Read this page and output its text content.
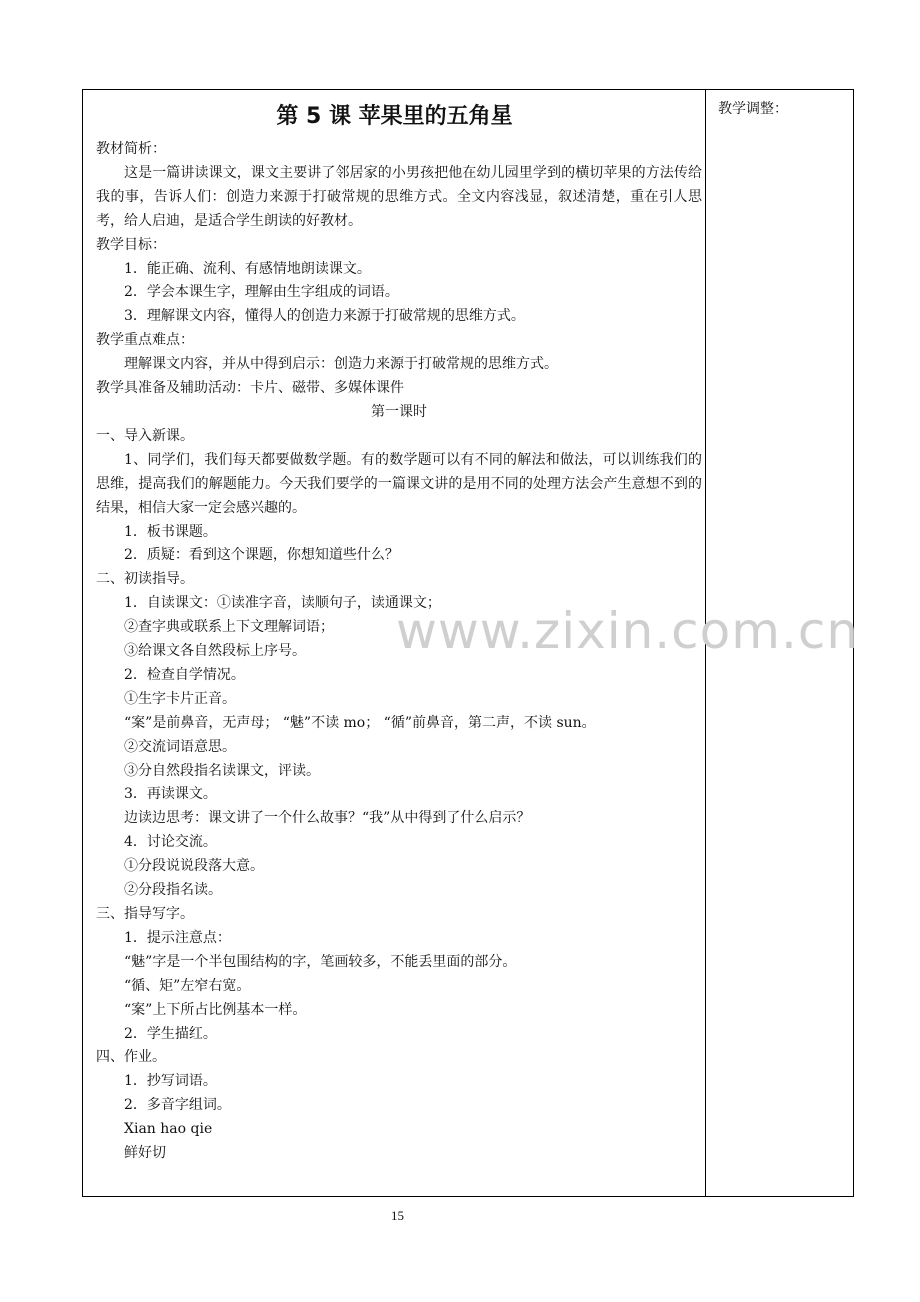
第 5 课 苹果里的五角星

教材简析：

这是一篇讲读课文，课文主要讲了邻居家的小男孩把他在幼儿园里学到的横切苹果的方法传给我的事，告诉人们：创造力来源于打破常规的思维方式。全文内容浅显，叙述清楚，重在引人思考，给人启迪，是适合学生朗读的好教材。

教学目标：

1．能正确、流利、有感情地朗读课文。

2．学会本课生字，理解由生字组成的词语。

3．理解课文内容，懂得人的创造力来源于打破常规的思维方式。

教学重点难点：

理解课文内容，并从中得到启示：创造力来源于打破常规的思维方式。

教学具准备及辅助活动：卡片、磁带、多媒体课件

第一课时

一、导入新课。

1、同学们，我们每天都要做数学题。有的数学题可以有不同的解法和做法，可以训练我们的思维，提高我们的解题能力。今天我们要学的一篇课文讲的是用不同的处理方法会产生意想不到的结果，相信大家一定会感兴趣的。

1．板书课题。

2．质疑：看到这个课题，你想知道些什么？

二、初读指导。

1．自读课文：①读准字音，读顺句子，读通课文；

②查字典或联系上下文理解词语；

③给课文各自然段标上序号。

2．检查自学情况。

①生字卡片正音。

“案”是前鼻音，无声母； “魅”不读 mo； “循”前鼻音，第二声，不读 sun。

②交流词语意思。

③分自然段指名读课文，评读。

3．再读课文。

边读边思考：课文讲了一个什么故事？“我”从中得到了什么启示？

4．讨论交流。

①分段说说段落大意。

②分段指名读。

三、指导写字。

1．提示注意点：

“魅”字是一个半包围结构的字，笔画较多，不能丢里面的部分。

“循、矩”左窄右宽。

“案”上下所占比例基本一样。

2．学生描红。

四、作业。

1．抄写词语。

2．多音字组词。

Xian hao qie

鲜好切

教学调整：
www.zixin.com.cn
15
